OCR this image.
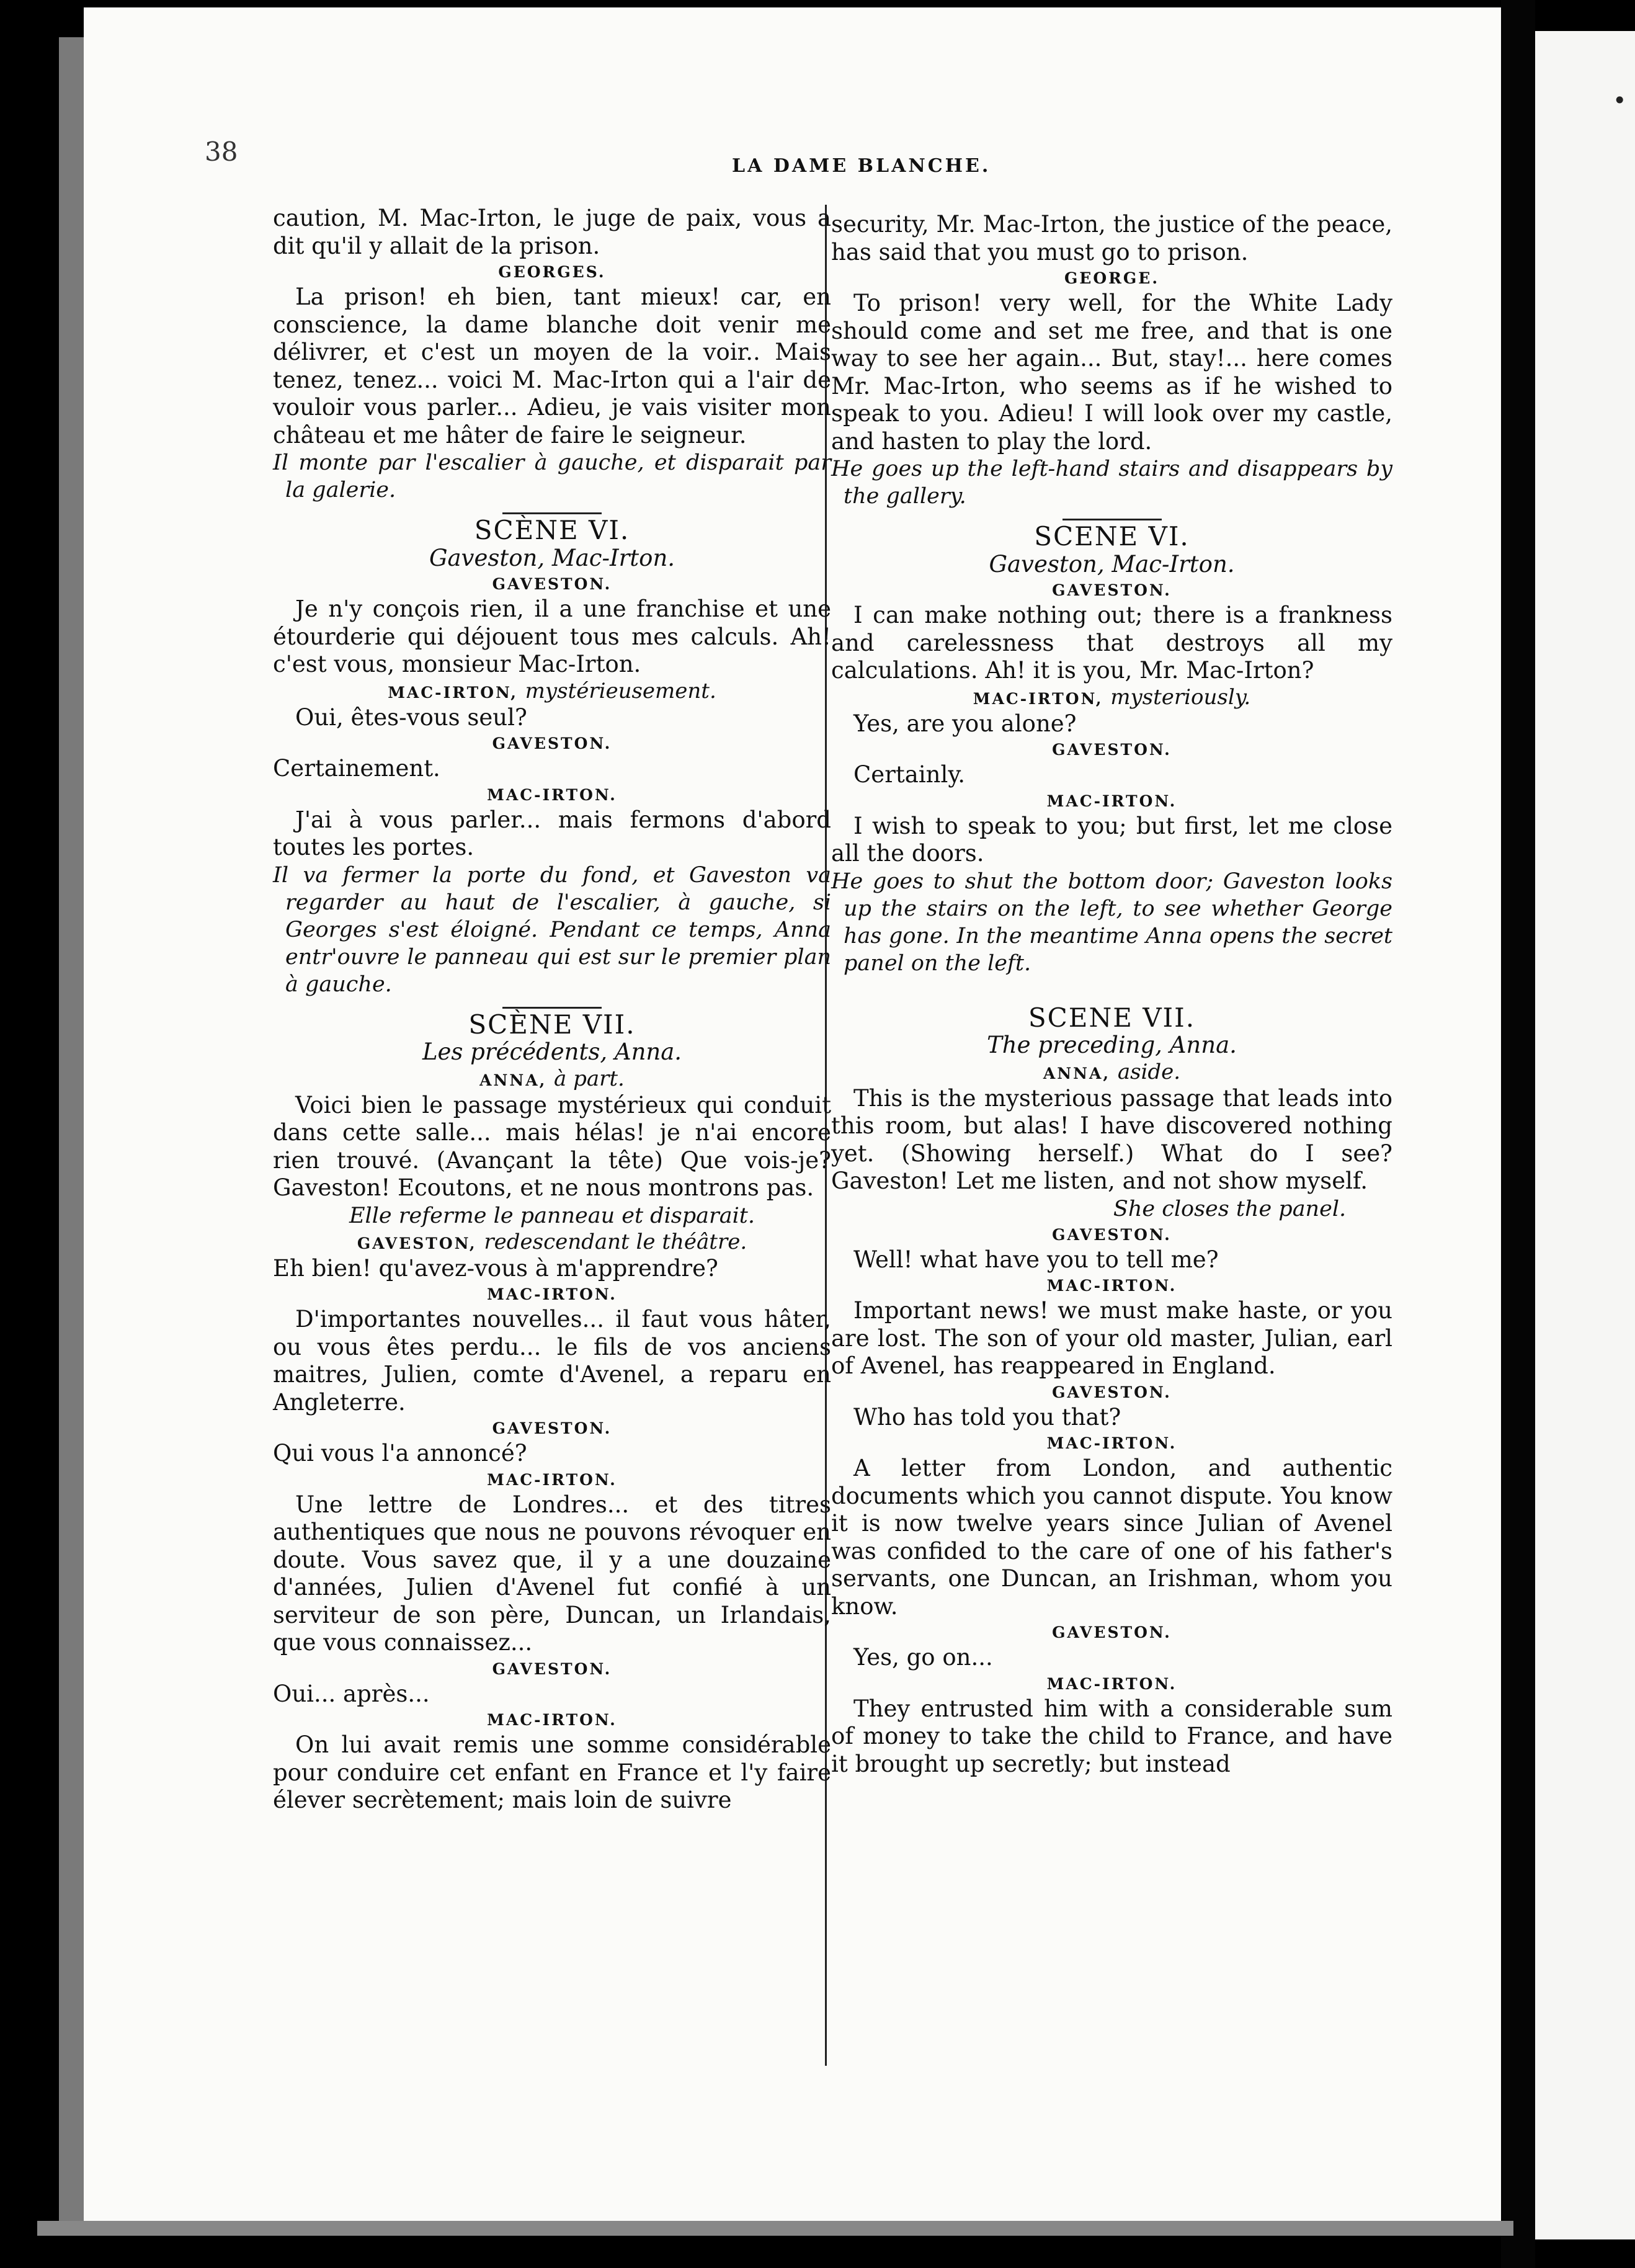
•
38	LA DAME BLANCHE.

caution, M. Mac-Irton, le juge de paix, vous a dit qu'il y allait de la prison.

GEORGES.

La prison! eh bien, tant mieux! car, en conscience, la dame blanche doit venir me délivrer, et c'est un moyen de la voir.. Mais tenez, tenez... voici M. Mac-Irton qui a l'air de vouloir vous parler... Adieu, je vais visiter mon château et me hâter de faire le seigneur.

Il monte par l'escalier à gauche, et disparait par la galerie.

SCÈNE VI.
Gaveston, Mac-Irton.
GAVESTON.

Je n'y conçois rien, il a une franchise et une étourderie qui déjouent tous mes calculs. Ah! c'est vous, monsieur Mac-Irton.

MAC-IRTON, mystérieusement.

Oui, êtes-vous seul?

GAVESTON.

Certainement.

MAC-IRTON.

J'ai à vous parler... mais fermons d'abord toutes les portes.

Il va fermer la porte du fond, et Gaveston va regarder au haut de l'escalier, à gauche, si Georges s'est éloigné. Pendant ce temps, Anna entr'ouvre le panneau qui est sur le premier plan à gauche.

SCÈNE VII.
Les précédents, Anna.
ANNA, à part.

Voici bien le passage mystérieux qui conduit dans cette salle... mais hélas! je n'ai encore rien trouvé. (Avançant la tête) Que vois-je? Gaveston! Ecoutons, et ne nous montrons pas.

Elle referme le panneau et disparait.

GAVESTON, redescendant le théâtre.

Eh bien! qu'avez-vous à m'apprendre?

MAC-IRTON.

D'importantes nouvelles... il faut vous hâter, ou vous êtes perdu... le fils de vos anciens maitres, Julien, comte d'Avenel, a reparu en Angleterre.

GAVESTON.

Qui vous l'a annoncé?

MAC-IRTON.

Une lettre de Londres... et des titres authentiques que nous ne pouvons révoquer en doute. Vous savez que, il y a une douzaine d'années, Julien d'Avenel fut confié à un serviteur de son père, Duncan, un Irlandais, que vous connaissez...

GAVESTON.

Oui... après...

MAC-IRTON.

On lui avait remis une somme considérable pour conduire cet enfant en France et l'y faire élever secrètement; mais loin de suivre

security, Mr. Mac-Irton, the justice of the peace, has said that you must go to prison.

GEORGE.

To prison! very well, for the White Lady should come and set me free, and that is one way to see her again... But, stay!... here comes Mr. Mac-Irton, who seems as if he wished to speak to you. Adieu! I will look over my castle, and hasten to play the lord.

He goes up the left-hand stairs and disappears by the gallery.

SCENE VI.
Gaveston, Mac-Irton.
GAVESTON.

I can make nothing out; there is a frankness and carelessness that destroys all my calculations. Ah! it is you, Mr. Mac-Irton?

MAC-IRTON, mysteriously.

Yes, are you alone?

GAVESTON.

Certainly.

MAC-IRTON.

I wish to speak to you; but first, let me close all the doors.

He goes to shut the bottom door; Gaveston looks up the stairs on the left, to see whether George has gone. In the meantime Anna opens the secret panel on the left.

SCENE VII.
The preceding, Anna.
ANNA, aside.

This is the mysterious passage that leads into this room, but alas! I have discovered nothing yet. (Showing herself.) What do I see? Gaveston! Let me listen, and not show myself.

She closes the panel.

GAVESTON.

Well! what have you to tell me?

MAC-IRTON.

Important news! we must make haste, or you are lost. The son of your old master, Julian, earl of Avenel, has reappeared in England.

GAVESTON.

Who has told you that?

MAC-IRTON.

A letter from London, and authentic documents which you cannot dispute. You know it is now twelve years since Julian of Avenel was confided to the care of one of his father's servants, one Duncan, an Irishman, whom you know.

GAVESTON.

Yes, go on...

MAC-IRTON.

They entrusted him with a considerable sum of money to take the child to France, and have it brought up secretly; but instead
